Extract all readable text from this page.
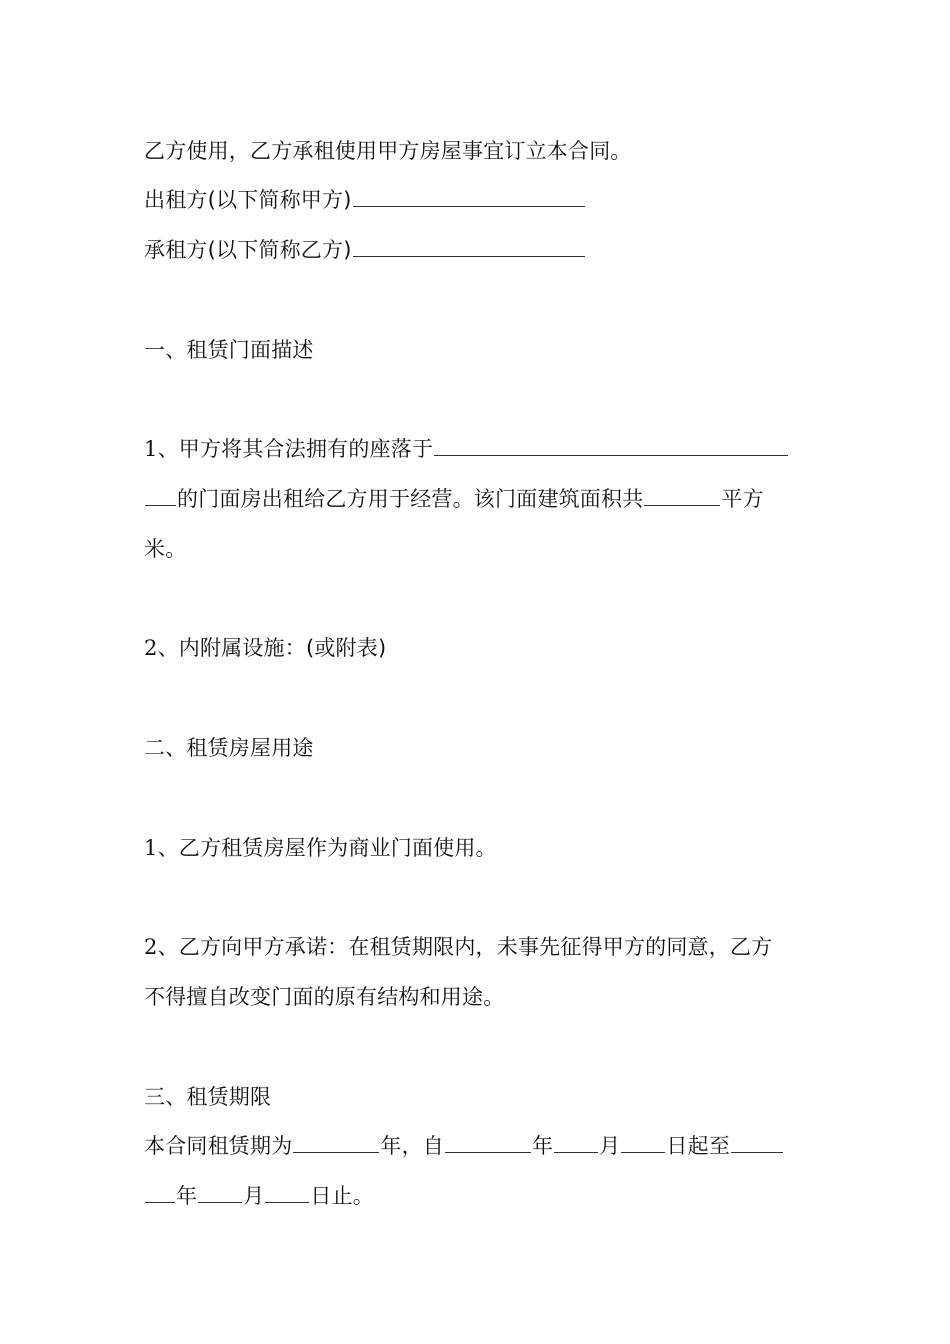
乙方使用，乙方承租使用甲方房屋事宜订立本合同。
出租方(以下简称甲方)
承租方(以下简称乙方)
一、租赁门面描述
1、甲方将其合法拥有的座落于
的门面房出租给乙方用于经营。该门面建筑面积共	平方
米。
2、内附属设施：(或附表)
二、租赁房屋用途
1、乙方租赁房屋作为商业门面使用。
2、乙方向甲方承诺：在租赁期限内，未事先征得甲方的同意，乙方
不得擅自改变门面的原有结构和用途。
三、租赁期限
本合同租赁期为	年，自	年 月 日起至
年 月 日止。
